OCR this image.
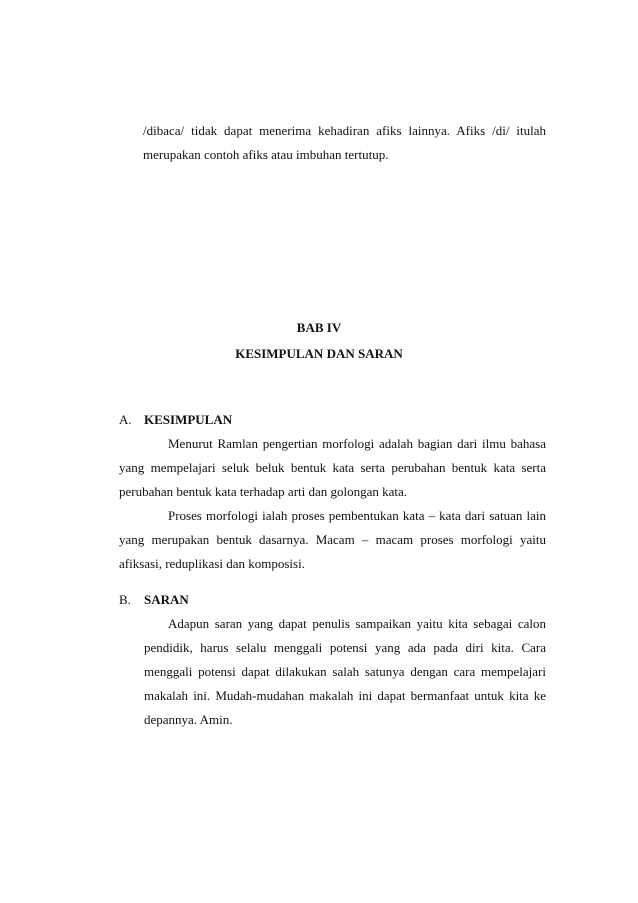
/dibaca/ tidak dapat menerima kehadiran afiks lainnya. Afiks /di/ itulah
merupakan contoh afiks atau imbuhan tertutup.
BAB IV
KESIMPULAN DAN SARAN
A. KESIMPULAN
Menurut Ramlan pengertian morfologi adalah bagian dari ilmu bahasa
yang mempelajari seluk beluk bentuk kata serta perubahan bentuk kata serta
perubahan bentuk kata terhadap arti dan golongan kata.
Proses morfologi ialah proses pembentukan kata – kata dari satuan lain
yang merupakan bentuk dasarnya. Macam – macam proses morfologi yaitu
afiksasi, reduplikasi dan komposisi.
B. SARAN
Adapun saran yang dapat penulis sampaikan yaitu kita sebagai calon
pendidik, harus selalu menggali potensi yang ada pada diri kita. Cara
menggali potensi dapat dilakukan salah satunya dengan cara mempelajari
makalah ini. Mudah-mudahan makalah ini dapat bermanfaat untuk kita ke
depannya. Amin.
